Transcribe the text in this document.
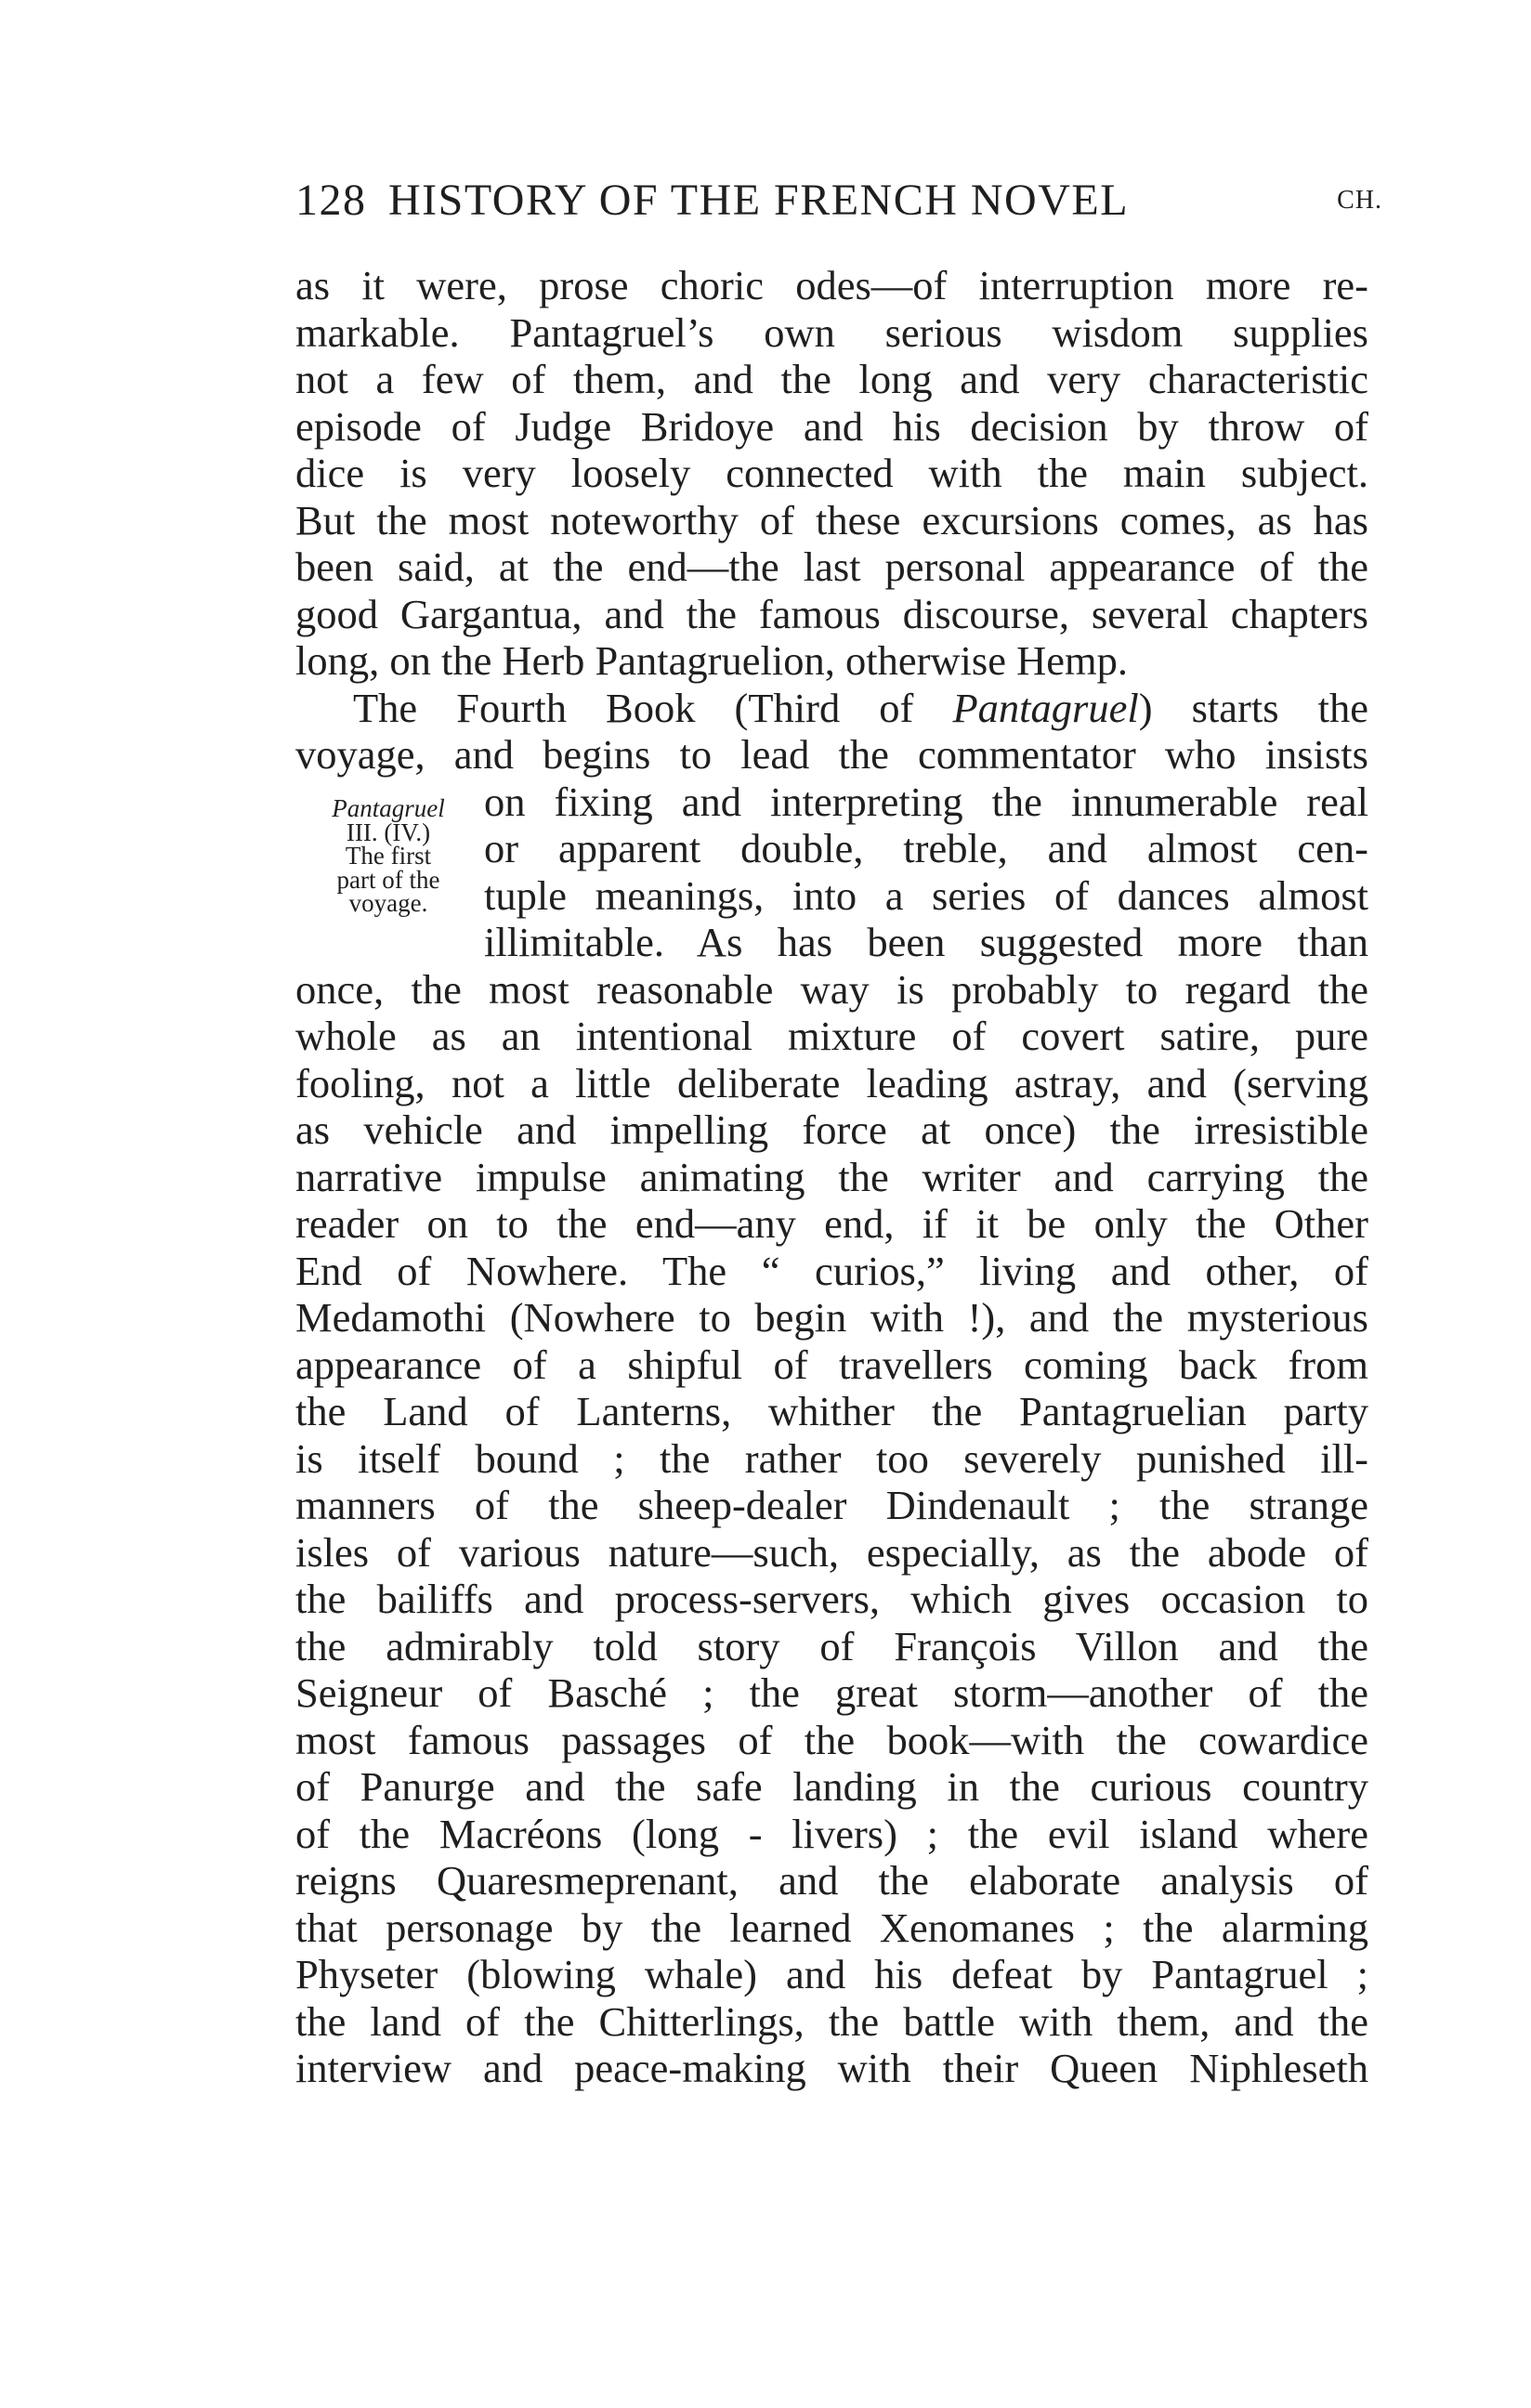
128 HISTORY OF THE FRENCH NOVEL	CH.
Pantagruel
III. (IV.)
The first
part of the
voyage.
as it were, prose choric odes—of interruption more re-
markable. Pantagruel’s own serious wisdom supplies
not a few of them, and the long and very characteristic
episode of Judge Bridoye and his decision by throw of
dice is very loosely connected with the main subject.
But the most noteworthy of these excursions comes, as has
been said, at the end—the last personal appearance of the
good Gargantua, and the famous discourse, several chapters
long, on the Herb Pantagruelion, otherwise Hemp.
The Fourth Book (Third of Pantagruel) starts the
voyage, and begins to lead the commentator who insists
on fixing and interpreting the innumerable real
or apparent double, treble, and almost cen-
tuple meanings, into a series of dances almost
illimitable. As has been suggested more than
once, the most reasonable way is probably to regard the
whole as an intentional mixture of covert satire, pure
fooling, not a little deliberate leading astray, and (serving
as vehicle and impelling force at once) the irresistible
narrative impulse animating the writer and carrying the
reader on to the end—any end, if it be only the Other
End of Nowhere. The “ curios,” living and other, of
Medamothi (Nowhere to begin with !), and the mysterious
appearance of a shipful of travellers coming back from
the Land of Lanterns, whither the Pantagruelian party
is itself bound ; the rather too severely punished ill-
manners of the sheep-dealer Dindenault ; the strange
isles of various nature—such, especially, as the abode of
the bailiffs and process-servers, which gives occasion to
the admirably told story of François Villon and the
Seigneur of Basché ; the great storm—another of the
most famous passages of the book—with the cowardice
of Panurge and the safe landing in the curious country
of the Macréons (long - livers) ; the evil island where
reigns Quaresmeprenant, and the elaborate analysis of
that personage by the learned Xenomanes ; the alarming
Physeter (blowing whale) and his defeat by Pantagruel ;
the land of the Chitterlings, the battle with them, and the
interview and peace-making with their Queen Niphleseth
